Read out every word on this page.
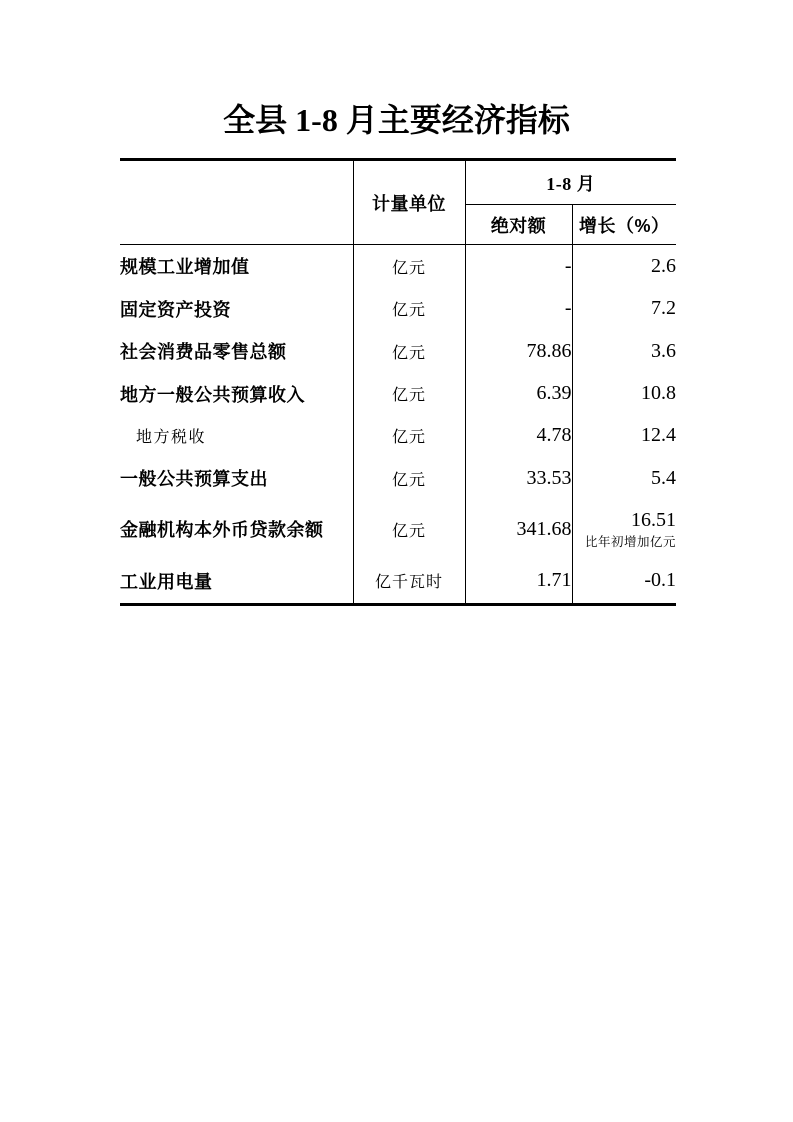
全县 1-8 月主要经济指标
	计量单位	1-8 月	
		绝对额	增长（%）
规模工业增加值	亿元	-	2.6
固定资产投资	亿元	-	7.2
社会消费品零售总额	亿元	78.86	3.6
地方一般公共预算收入	亿元	6.39	10.8
地方税收	亿元	4.78	12.4
一般公共预算支出	亿元	33.53	5.4
金融机构本外币贷款余额	亿元	341.68	16.51
比年初增加亿元

工业用电量	亿千瓦时	1.71	-0.1
